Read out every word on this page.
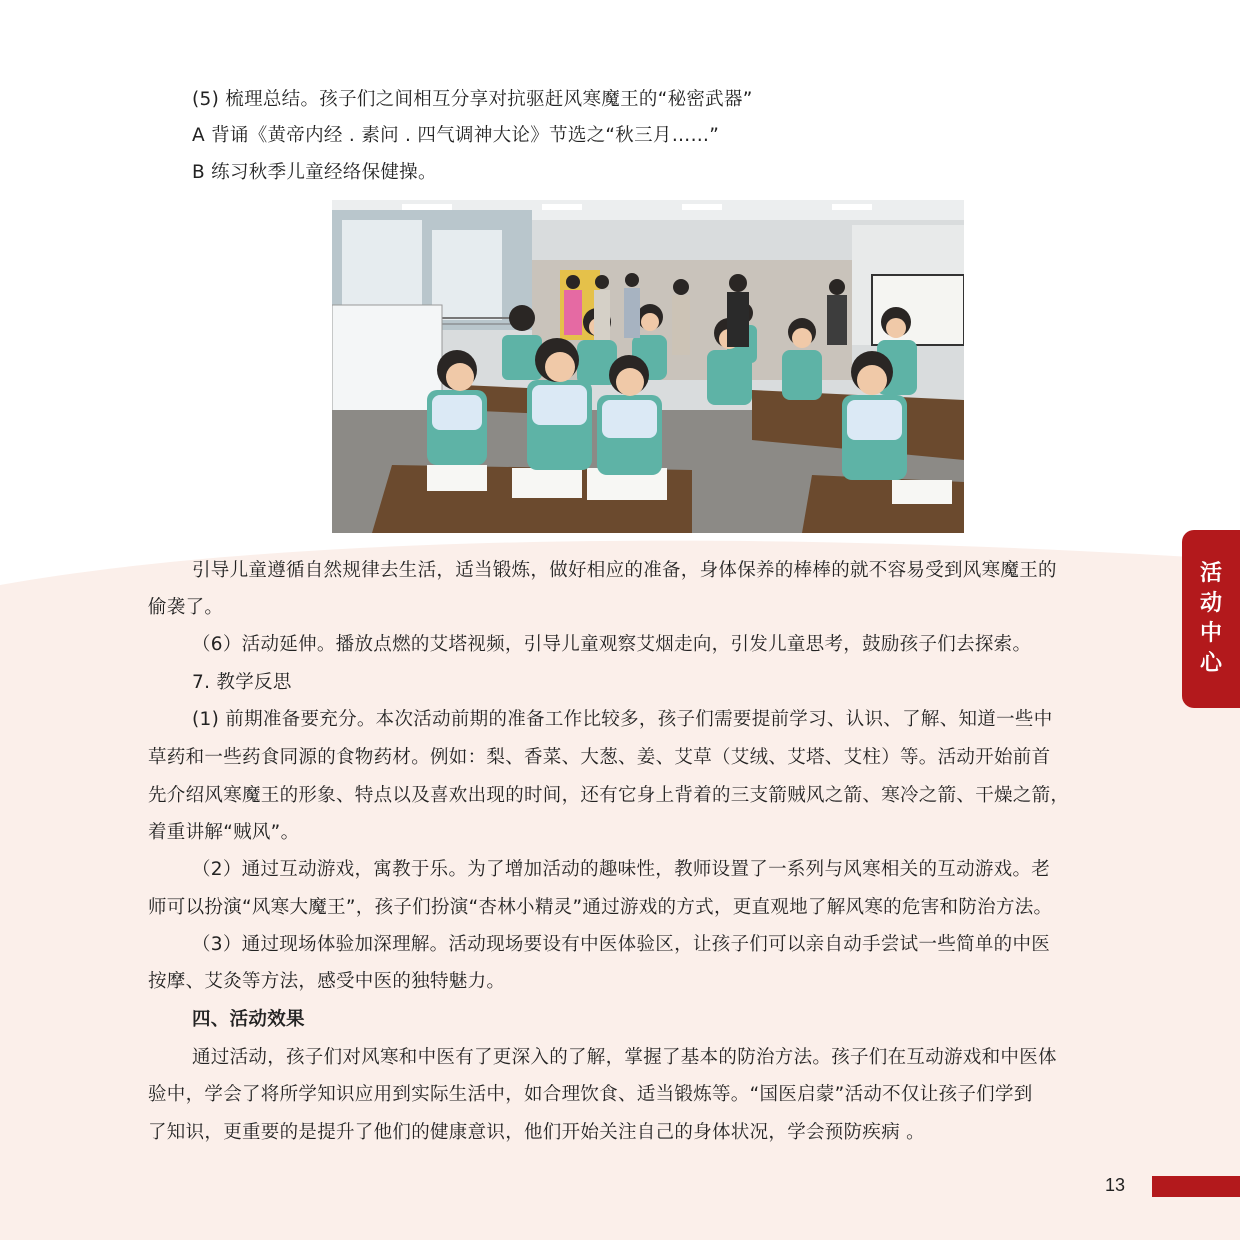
(5) 梳理总结。孩子们之间相互分享对抗驱赶风寒魔王的“秘密武器”

A 背诵《黄帝内经 . 素问 . 四气调神大论》节选之“秋三月……”

B 练习秋季儿童经络保健操。

引导儿童遵循自然规律去生活，适当锻炼，做好相应的准备，身体保养的棒棒的就不容易受到风寒魔王的

偷袭了。

（6）活动延伸。播放点燃的艾塔视频，引导儿童观察艾烟走向，引发儿童思考，鼓励孩子们去探索。

7. 教学反思

(1) 前期准备要充分。本次活动前期的准备工作比较多，孩子们需要提前学习、认识、了解、知道一些中

草药和一些药食同源的食物药材。例如：梨、香菜、大葱、姜、艾草（艾绒、艾塔、艾柱）等。活动开始前首

先介绍风寒魔王的形象、特点以及喜欢出现的时间，还有它身上背着的三支箭贼风之箭、寒冷之箭、干燥之箭，

着重讲解“贼风”。

（2）通过互动游戏，寓教于乐。为了增加活动的趣味性，教师设置了一系列与风寒相关的互动游戏。老

师可以扮演“风寒大魔王”，孩子们扮演“杏林小精灵”通过游戏的方式，更直观地了解风寒的危害和防治方法。

（3）通过现场体验加深理解。活动现场要设有中医体验区，让孩子们可以亲自动手尝试一些简单的中医

按摩、艾灸等方法，感受中医的独特魅力。

四、活动效果

通过活动，孩子们对风寒和中医有了更深入的了解，掌握了基本的防治方法。孩子们在互动游戏和中医体

验中，学会了将所学知识应用到实际生活中，如合理饮食、适当锻炼等。“国医启蒙”活动不仅让孩子们学到

了知识，更重要的是提升了他们的健康意识，他们开始关注自己的身体状况，学会预防疾病 。

活
动
中
心
13
